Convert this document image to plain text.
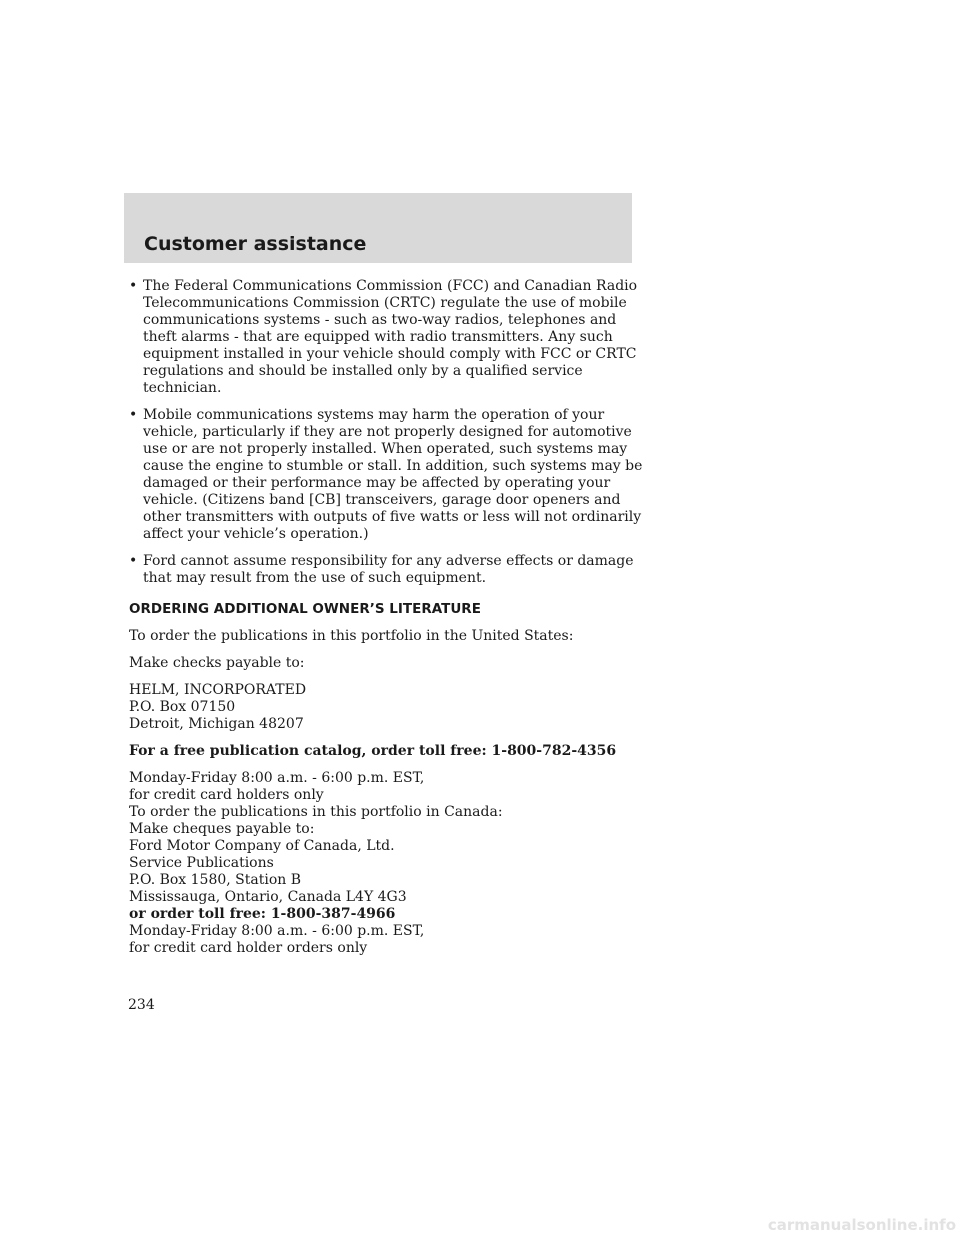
Customer assistance
• The Federal Communications Commission (FCC) and Canadian Radio
Telecommunications Commission (CRTC) regulate the use of mobile
communications systems - such as two-way radios, telephones and
theft alarms - that are equipped with radio transmitters. Any such
equipment installed in your vehicle should comply with FCC or CRTC
regulations and should be installed only by a qualified service
technician.
• Mobile communications systems may harm the operation of your
vehicle, particularly if they are not properly designed for automotive
use or are not properly installed. When operated, such systems may
cause the engine to stumble or stall. In addition, such systems may be
damaged or their performance may be affected by operating your
vehicle. (Citizens band [CB] transceivers, garage door openers and
other transmitters with outputs of five watts or less will not ordinarily
affect your vehicle’s operation.)
• Ford cannot assume responsibility for any adverse effects or damage
that may result from the use of such equipment.
ORDERING ADDITIONAL OWNER’S LITERATURE

To order the publications in this portfolio in the United States:

Make checks payable to:

HELM, INCORPORATED
P.O. Box 07150
Detroit, Michigan 48207

For a free publication catalog, order toll free: 1-800-782-4356

Monday-Friday 8:00 a.m. - 6:00 p.m. EST,
for credit card holders only
To order the publications in this portfolio in Canada:
Make cheques payable to:
Ford Motor Company of Canada, Ltd.
Service Publications
P.O. Box 1580, Station B
Mississauga, Ontario, Canada L4Y 4G3
or order toll free: 1-800-387-4966
Monday-Friday 8:00 a.m. - 6:00 p.m. EST,
for credit card holder orders only

234
carmanualsonline.info
